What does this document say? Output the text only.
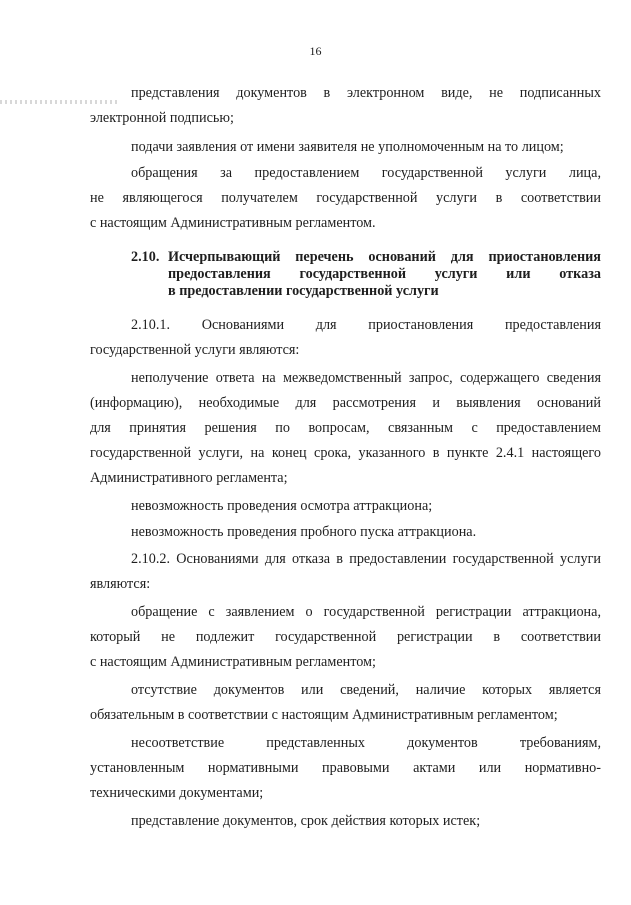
16
представления документов в электронном виде, не подписанных
электронной подписью;
подачи заявления от имени заявителя не уполномоченным на то лицом;
обращения за предоставлением государственной услуги лица,
не являющегося получателем государственной услуги в соответствии
с настоящим Административным регламентом.
2.10. Исчерпывающий перечень оснований для приостановления
предоставления государственной услуги или отказа
в предоставлении государственной услуги
2.10.1. Основаниями для приостановления предоставления
государственной услуги являются:
неполучение ответа на межведомственный запрос, содержащего сведения
(информацию), необходимые для рассмотрения и выявления оснований
для принятия решения по вопросам, связанным с предоставлением
государственной услуги, на конец срока, указанного в пункте 2.4.1 настоящего
Административного регламента;
невозможность проведения осмотра аттракциона;
невозможность проведения пробного пуска аттракциона.
2.10.2. Основаниями для отказа в предоставлении государственной услуги
являются:
обращение с заявлением о государственной регистрации аттракциона,
который не подлежит государственной регистрации в соответствии
с настоящим Административным регламентом;
отсутствие документов или сведений, наличие которых является
обязательным в соответствии с настоящим Административным регламентом;
несоответствие представленных документов требованиям,
установленным нормативными правовыми актами или нормативно-
техническими документами;
представление документов, срок действия которых истек;
